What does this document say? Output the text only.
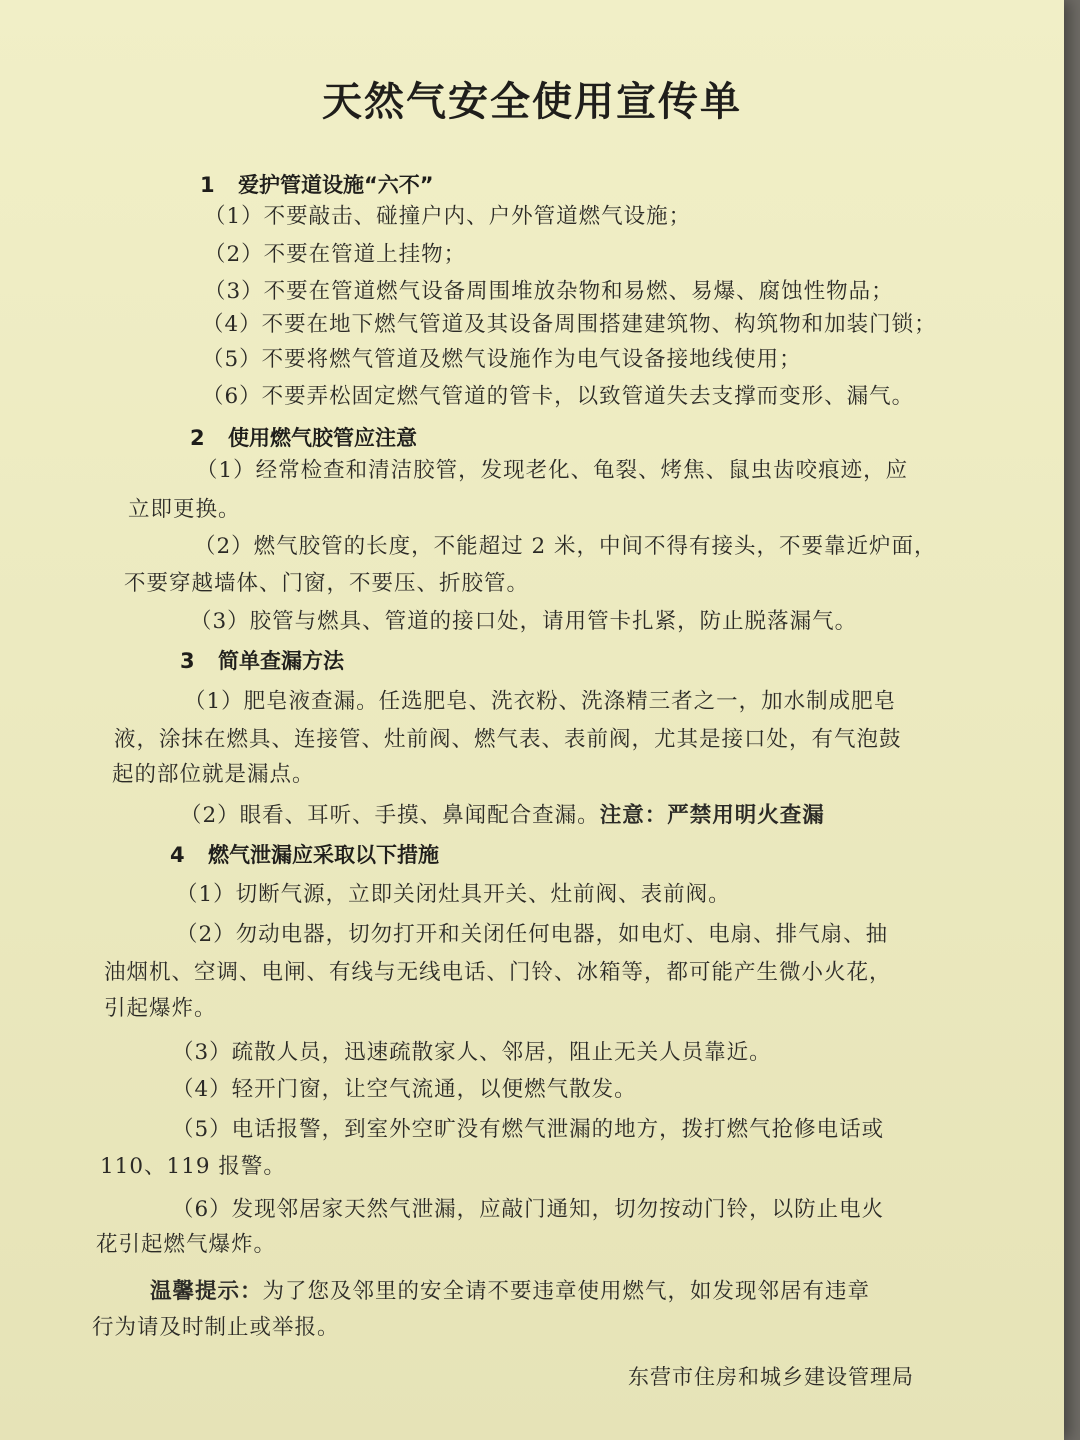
天然气安全使用宣传单
1 爱护管道设施“六不”
（1）不要敲击、碰撞户内、户外管道燃气设施；
（2）不要在管道上挂物；
（3）不要在管道燃气设备周围堆放杂物和易燃、易爆、腐蚀性物品；
（4）不要在地下燃气管道及其设备周围搭建建筑物、构筑物和加装门锁；
（5）不要将燃气管道及燃气设施作为电气设备接地线使用；
（6）不要弄松固定燃气管道的管卡，以致管道失去支撑而变形、漏气。
2 使用燃气胶管应注意
（1）经常检查和清洁胶管，发现老化、龟裂、烤焦、鼠虫齿咬痕迹，应
立即更换。
（2）燃气胶管的长度，不能超过 2 米，中间不得有接头，不要靠近炉面，
不要穿越墙体、门窗，不要压、折胶管。
（3）胶管与燃具、管道的接口处，请用管卡扎紧，防止脱落漏气。
3 简单查漏方法
（1）肥皂液查漏。任选肥皂、洗衣粉、洗涤精三者之一，加水制成肥皂
液，涂抹在燃具、连接管、灶前阀、燃气表、表前阀，尤其是接口处，有气泡鼓
起的部位就是漏点。
（2）眼看、耳听、手摸、鼻闻配合查漏。注意：严禁用明火查漏
4 燃气泄漏应采取以下措施
（1）切断气源，立即关闭灶具开关、灶前阀、表前阀。
（2）勿动电器，切勿打开和关闭任何电器，如电灯、电扇、排气扇、抽
油烟机、空调、电闸、有线与无线电话、门铃、冰箱等，都可能产生微小火花，
引起爆炸。
（3）疏散人员，迅速疏散家人、邻居，阻止无关人员靠近。
（4）轻开门窗，让空气流通，以便燃气散发。
（5）电话报警，到室外空旷没有燃气泄漏的地方，拨打燃气抢修电话或
110、119 报警。
（6）发现邻居家天然气泄漏，应敲门通知，切勿按动门铃，以防止电火
花引起燃气爆炸。
温馨提示：为了您及邻里的安全请不要违章使用燃气，如发现邻居有违章
行为请及时制止或举报。
东营市住房和城乡建设管理局
